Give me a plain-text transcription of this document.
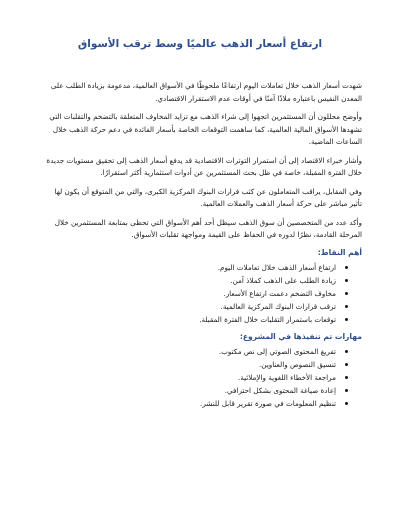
ارتفاع أسعار الذهب عالميًا وسط ترقب الأسواق

شهدت أسعار الذهب خلال تعاملات اليوم ارتفاعًا ملحوظًا في الأسواق العالمية، مدعومة بزيادة الطلب على المعدن النفيس باعتباره ملاذًا آمنًا في أوقات عدم الاستقرار الاقتصادي.

وأوضح محللون أن المستثمرين اتجهوا إلى شراء الذهب مع تزايد المخاوف المتعلقة بالتضخم والتقلبات التي تشهدها الأسواق المالية العالمية، كما ساهمت التوقعات الخاصة بأسعار الفائدة في دعم حركة الذهب خلال الساعات الماضية.

وأشار خبراء الاقتصاد إلى أن استمرار التوترات الاقتصادية قد يدفع أسعار الذهب إلى تحقيق مستويات جديدة خلال الفترة المقبلة، خاصة في ظل بحث المستثمرين عن أدوات استثمارية أكثر استقرارًا.

وفي المقابل، يراقب المتعاملون عن كثب قرارات البنوك المركزية الكبرى، والتي من المتوقع أن يكون لها تأثير مباشر على حركة أسعار الذهب والعملات العالمية.

وأكد عدد من المتخصصين أن سوق الذهب سيظل أحد أهم الأسواق التي تحظى بمتابعة المستثمرين خلال المرحلة القادمة، نظرًا لدوره في الحفاظ على القيمة ومواجهة تقلبات الأسواق.

أهم النقاط:
ارتفاع أسعار الذهب خلال تعاملات اليوم.
زيادة الطلب على الذهب كملاذ آمن.
مخاوف التضخم دعمت ارتفاع الأسعار.
ترقب قرارات البنوك المركزية العالمية.
توقعات باستمرار التقلبات خلال الفترة المقبلة.
مهارات تم تنفيذها في المشروع:
تفريغ المحتوى الصوتي إلى نص مكتوب.
تنسيق النصوص والعناوين.
مراجعة الأخطاء اللغوية والإملائية.
إعادة صياغة المحتوى بشكل احترافي.
تنظيم المعلومات في صورة تقرير قابل للنشر.
